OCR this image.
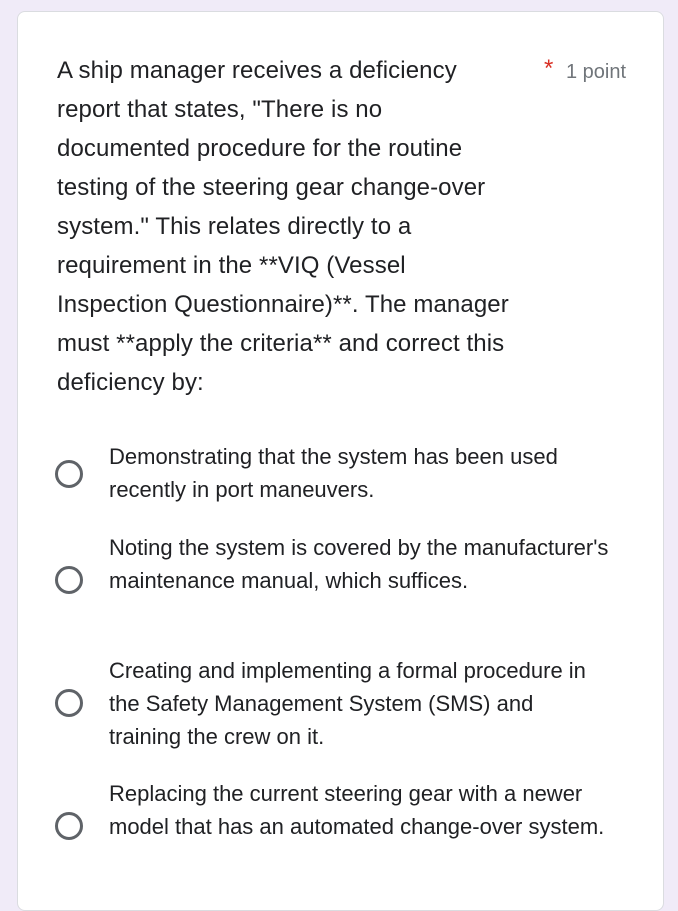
A ship manager receives a deficiency report that states, "There is no documented procedure for the routine testing of the steering gear change-over system." This relates directly to a requirement in the **VIQ (Vessel Inspection Questionnaire)**. The manager must **apply the criteria** and correct this deficiency by:
* 1 point
Demonstrating that the system has been used recently in port maneuvers.
Noting the system is covered by the manufacturer's maintenance manual, which suffices.
Creating and implementing a formal procedure in the Safety Management System (SMS) and training the crew on it.
Replacing the current steering gear with a newer model that has an automated change-over system.
